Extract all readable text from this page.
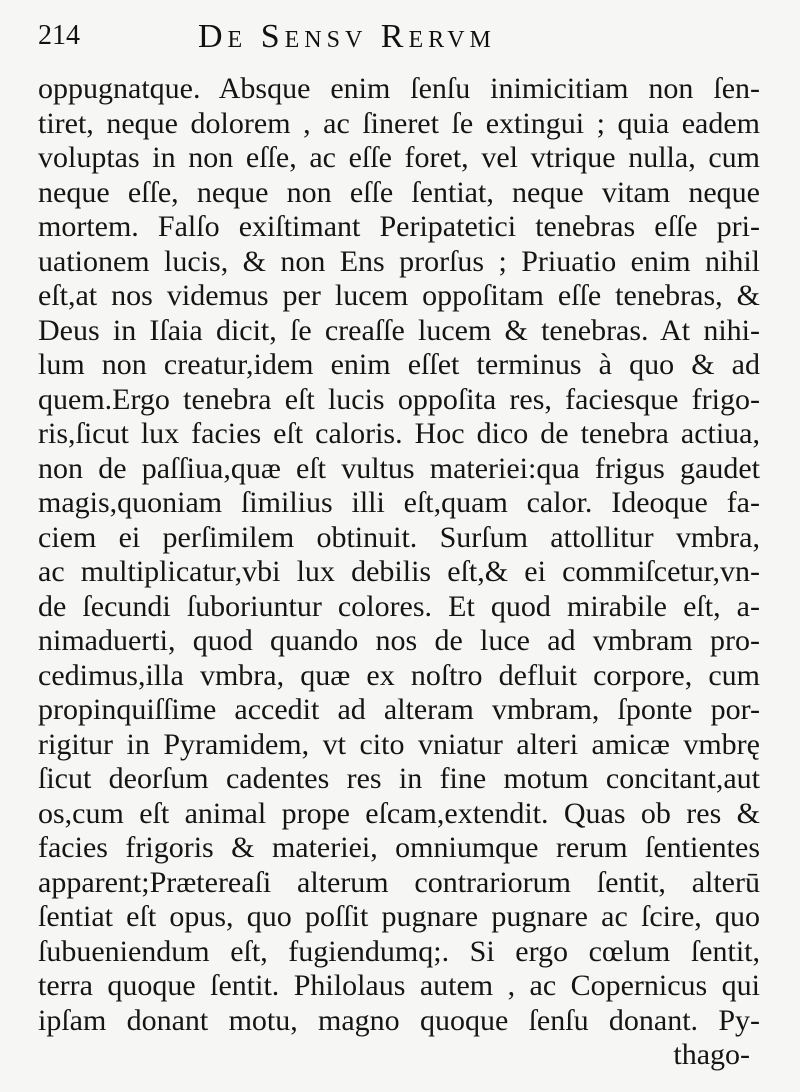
214	De Sensv Rervm
oppugnatque. Absque enim ſenſu inimicitiam non ſen-
tiret, neque dolorem , ac ſineret ſe extingui ; quia eadem
voluptas in non eſſe, ac eſſe foret, vel vtrique nulla, cum
neque eſſe, neque non eſſe ſentiat, neque vitam neque
mortem. Falſo exiſtimant Peripatetici tenebras eſſe pri-
uationem lucis, & non Ens prorſus ; Priuatio enim nihil
eſt,at nos videmus per lucem oppoſitam eſſe tenebras, &
Deus in Iſaia dicit, ſe creaſſe lucem & tenebras. At nihi-
lum non creatur,idem enim eſſet terminus à quo & ad
quem.Ergo tenebra eſt lucis oppoſita res, faciesque frigo-
ris,ſicut lux facies eſt caloris. Hoc dico de tenebra actiua,
non de paſſiua,quæ eſt vultus materiei:qua frigus gaudet
magis,quoniam ſimilius illi eſt,quam calor. Ideoque fa-
ciem ei perſimilem obtinuit. Surſum attollitur vmbra,
ac multiplicatur,vbi lux debilis eſt,& ei commiſcetur,vn-
de ſecundi ſuboriuntur colores. Et quod mirabile eſt, a-
nimaduerti, quod quando nos de luce ad vmbram pro-
cedimus,illa vmbra, quæ ex noſtro defluit corpore, cum
propinquiſſime accedit ad alteram vmbram, ſponte por-
rigitur in Pyramidem, vt cito vniatur alteri amicæ vmbrę
ſicut deorſum cadentes res in fine motum concitant,aut
os,cum eſt animal prope eſcam,extendit. Quas ob res &
facies frigoris & materiei, omniumque rerum ſentientes
apparent;Prætereaſi alterum contrariorum ſentit, alterū
ſentiat eſt opus, quo poſſit pugnare pugnare ac ſcire, quo
ſubueniendum eſt, fugiendumq;. Si ergo cœlum ſentit,
terra quoque ſentit. Philolaus autem , ac Copernicus qui
ipſam donant motu, magno quoque ſenſu donant. Py-
thago-
